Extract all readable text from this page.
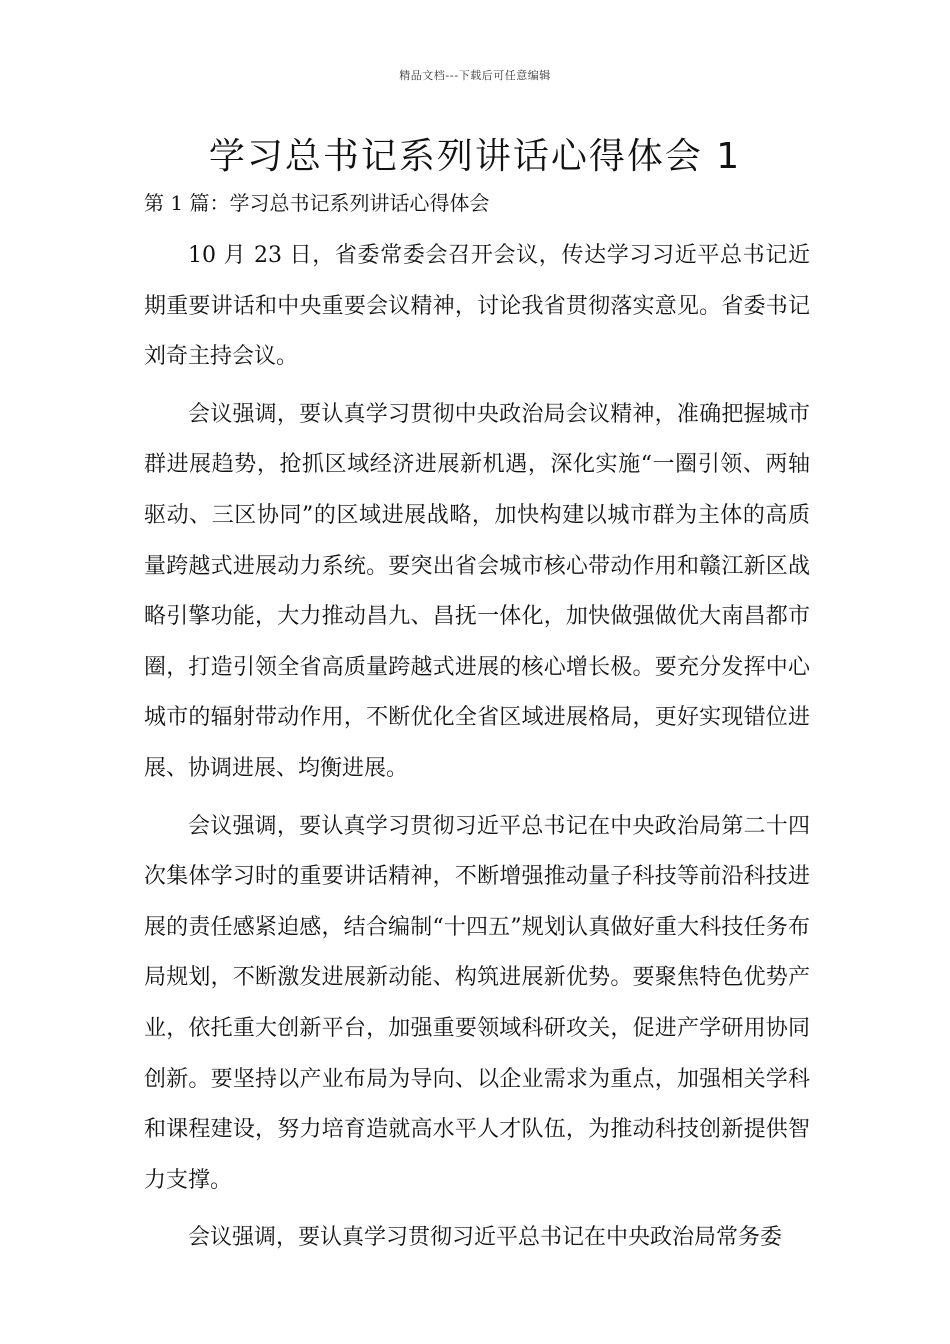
精品文档---下载后可任意编辑
学习总书记系列讲话心得体会 1
第 1 篇：学习总书记系列讲话心得体会

10 月 23 日，省委常委会召开会议，传达学习习近平总书记近期重要讲话和中央重要会议精神，讨论我省贯彻落实意见。省委书记刘奇主持会议。

会议强调，要认真学习贯彻中央政治局会议精神，准确把握城市群进展趋势，抢抓区域经济进展新机遇，深化实施“一圈引领、两轴驱动、三区协同”的区域进展战略，加快构建以城市群为主体的高质量跨越式进展动力系统。要突出省会城市核心带动作用和赣江新区战略引擎功能，大力推动昌九、昌抚一体化，加快做强做优大南昌都市圈，打造引领全省高质量跨越式进展的核心增长极。要充分发挥中心城市的辐射带动作用，不断优化全省区域进展格局，更好实现错位进展、协调进展、均衡进展。

会议强调，要认真学习贯彻习近平总书记在中央政治局第二十四次集体学习时的重要讲话精神，不断增强推动量子科技等前沿科技进展的责任感紧迫感，结合编制“十四五”规划认真做好重大科技任务布局规划，不断激发进展新动能、构筑进展新优势。要聚焦特色优势产业，依托重大创新平台，加强重要领域科研攻关，促进产学研用协同创新。要坚持以产业布局为导向、以企业需求为重点，加强相关学科和课程建设，努力培育造就高水平人才队伍，为推动科技创新提供智力支撑。

会议强调，要认真学习贯彻习近平总书记在中央政治局常务委
